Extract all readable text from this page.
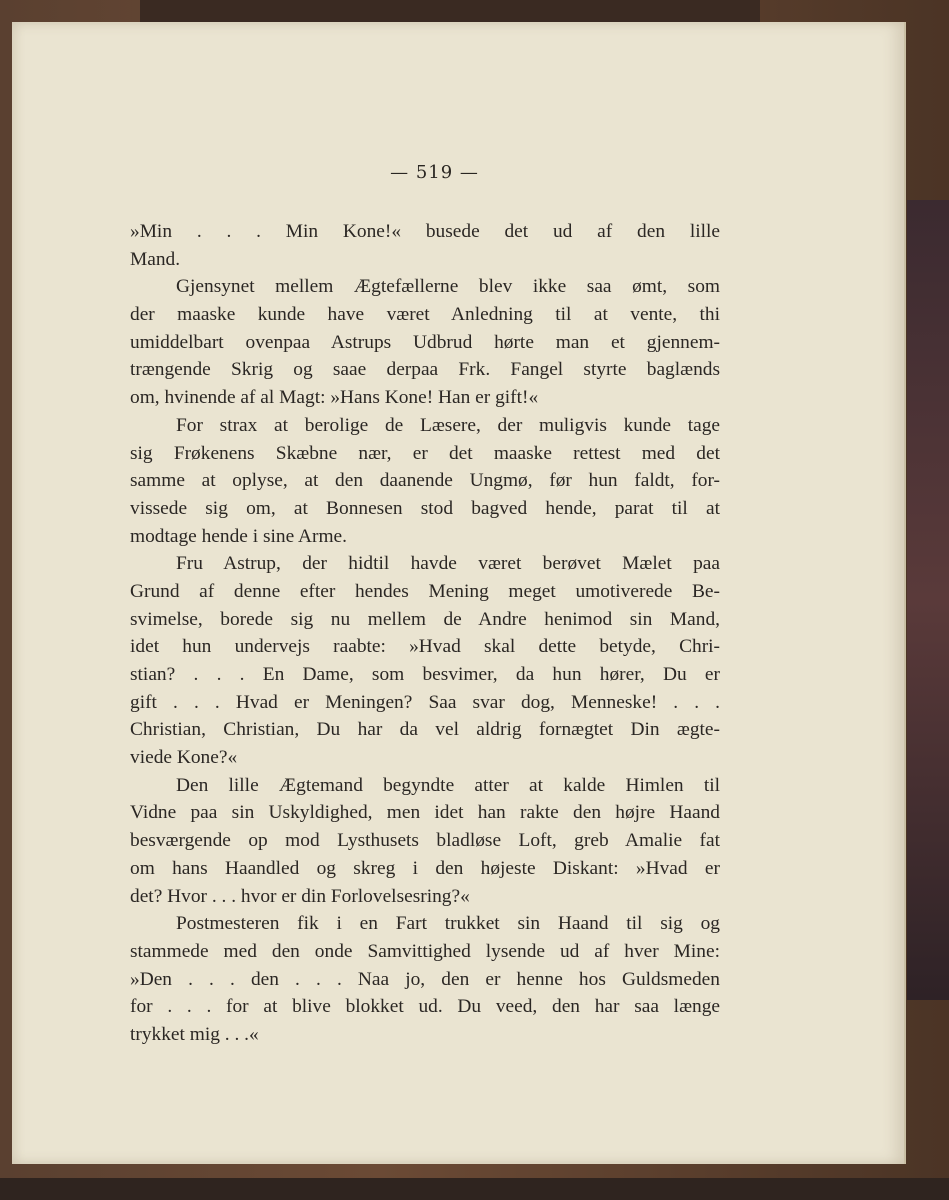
— 519 —
»Min . . . Min Kone!« busede det ud af den lille
Mand.
Gjensynet mellem Ægtefællerne blev ikke saa ømt, som
der maaske kunde have været Anledning til at vente, thi
umiddelbart ovenpaa Astrups Udbrud hørte man et gjennem-
trængende Skrig og saae derpaa Frk. Fangel styrte baglænds
om, hvinende af al Magt: »Hans Kone! Han er gift!«
For strax at berolige de Læsere, der muligvis kunde tage
sig Frøkenens Skæbne nær, er det maaske rettest med det
samme at oplyse, at den daanende Ungmø, før hun faldt, for-
vissede sig om, at Bonnesen stod bagved hende, parat til at
modtage hende i sine Arme.
Fru Astrup, der hidtil havde været berøvet Mælet paa
Grund af denne efter hendes Mening meget umotiverede Be-
svimelse, borede sig nu mellem de Andre henimod sin Mand,
idet hun undervejs raabte: »Hvad skal dette betyde, Chri-
stian? . . . En Dame, som besvimer, da hun hører, Du er
gift . . . Hvad er Meningen? Saa svar dog, Menneske! . . .
Christian, Christian, Du har da vel aldrig fornægtet Din ægte-
viede Kone?«
Den lille Ægtemand begyndte atter at kalde Himlen til
Vidne paa sin Uskyldighed, men idet han rakte den højre Haand
besværgende op mod Lysthusets bladløse Loft, greb Amalie fat
om hans Haandled og skreg i den højeste Diskant: »Hvad er
det? Hvor . . . hvor er din Forlovelsesring?«
Postmesteren fik i en Fart trukket sin Haand til sig og
stammede med den onde Samvittighed lysende ud af hver Mine:
»Den . . . den . . . Naa jo, den er henne hos Guldsmeden
for . . . for at blive blokket ud. Du veed, den har saa længe
trykket mig . . .«
